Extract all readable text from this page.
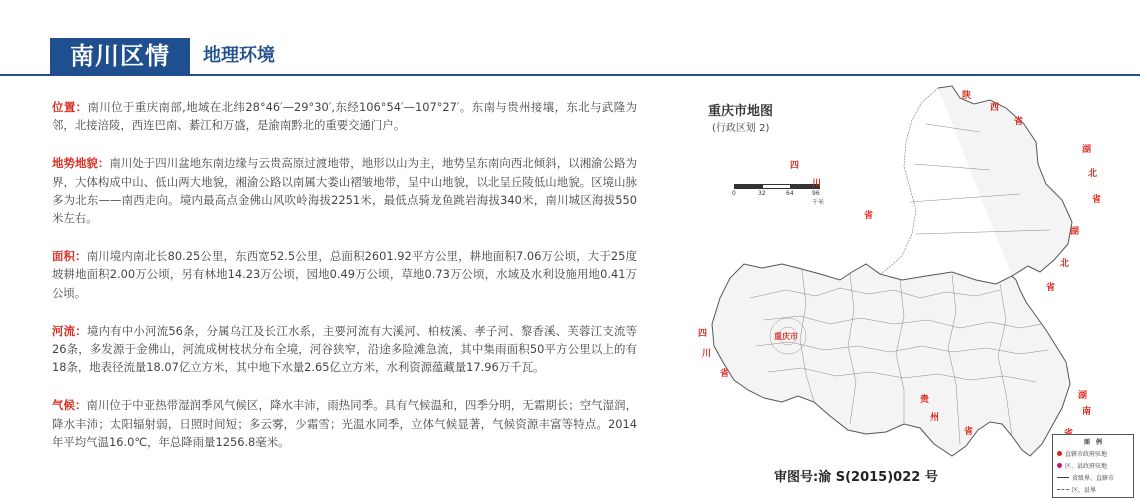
南川区情	地理环境

位置：南川位于重庆南部,地域在北纬28°46′—29°30′,东经106°54′—107°27′。东南与贵州接壤，东北与武隆为邻，北接涪陵，西连巴南、綦江和万盛，是渝南黔北的重要交通门户。

地势地貌：南川处于四川盆地东南边缘与云贵高原过渡地带，地形以山为主，地势呈东南向西北倾斜，以湘渝公路为界，大体构成中山、低山两大地貌，湘渝公路以南属大娄山褶皱地带，呈中山地貌，以北呈丘陵低山地貌。区境山脉多为北东——南西走向。境内最高点金佛山风吹岭海拔2251米，最低点骑龙鱼跳岩海拔340米，南川城区海拔550米左右。

面积：南川境内南北长80.25公里，东西宽52.5公里，总面积2601.92平方公里，耕地面积7.06万公顷，大于25度坡耕地面积2.00万公顷，另有林地14.23万公顷，园地0.49万公顷，草地0.73万公顷，水域及水利设施用地0.41万公顷。

河流：境内有中小河流56条，分属乌江及长江水系，主要河流有大溪河、柏枝溪、孝子河、黎香溪、芙蓉江支流等26条，多发源于金佛山，河流成树枝状分布全境，河谷狭窄，沿途多险滩急流，其中集雨面积50平方公里以上的有18条，地表径流量18.07亿立方米，其中地下水量2.65亿立方米，水利资源蕴藏量17.96万千瓦。

气候：南川位于中亚热带湿润季风气候区，降水丰沛，雨热同季。具有气候温和，四季分明，无霜期长；空气湿润，降水丰沛；太阳辐射弱，日照时间短；多云雾，少霜雪；光温水同季，立体气候显著，气候资源丰富等特点。2014年平均气温16.0℃，年总降雨量1256.8毫米。

重庆市地图
(行政区划 2)
0	32	64	96 千米
陕
西
省
湖
北
省
四
川
省
湖
北
省
贵
州
省
湖
南
四
川
省
重庆市
审图号:渝 S(2015)022 号
图　例
直辖市政府驻地
区、县政府驻地
省级界、直辖市
区、县界
